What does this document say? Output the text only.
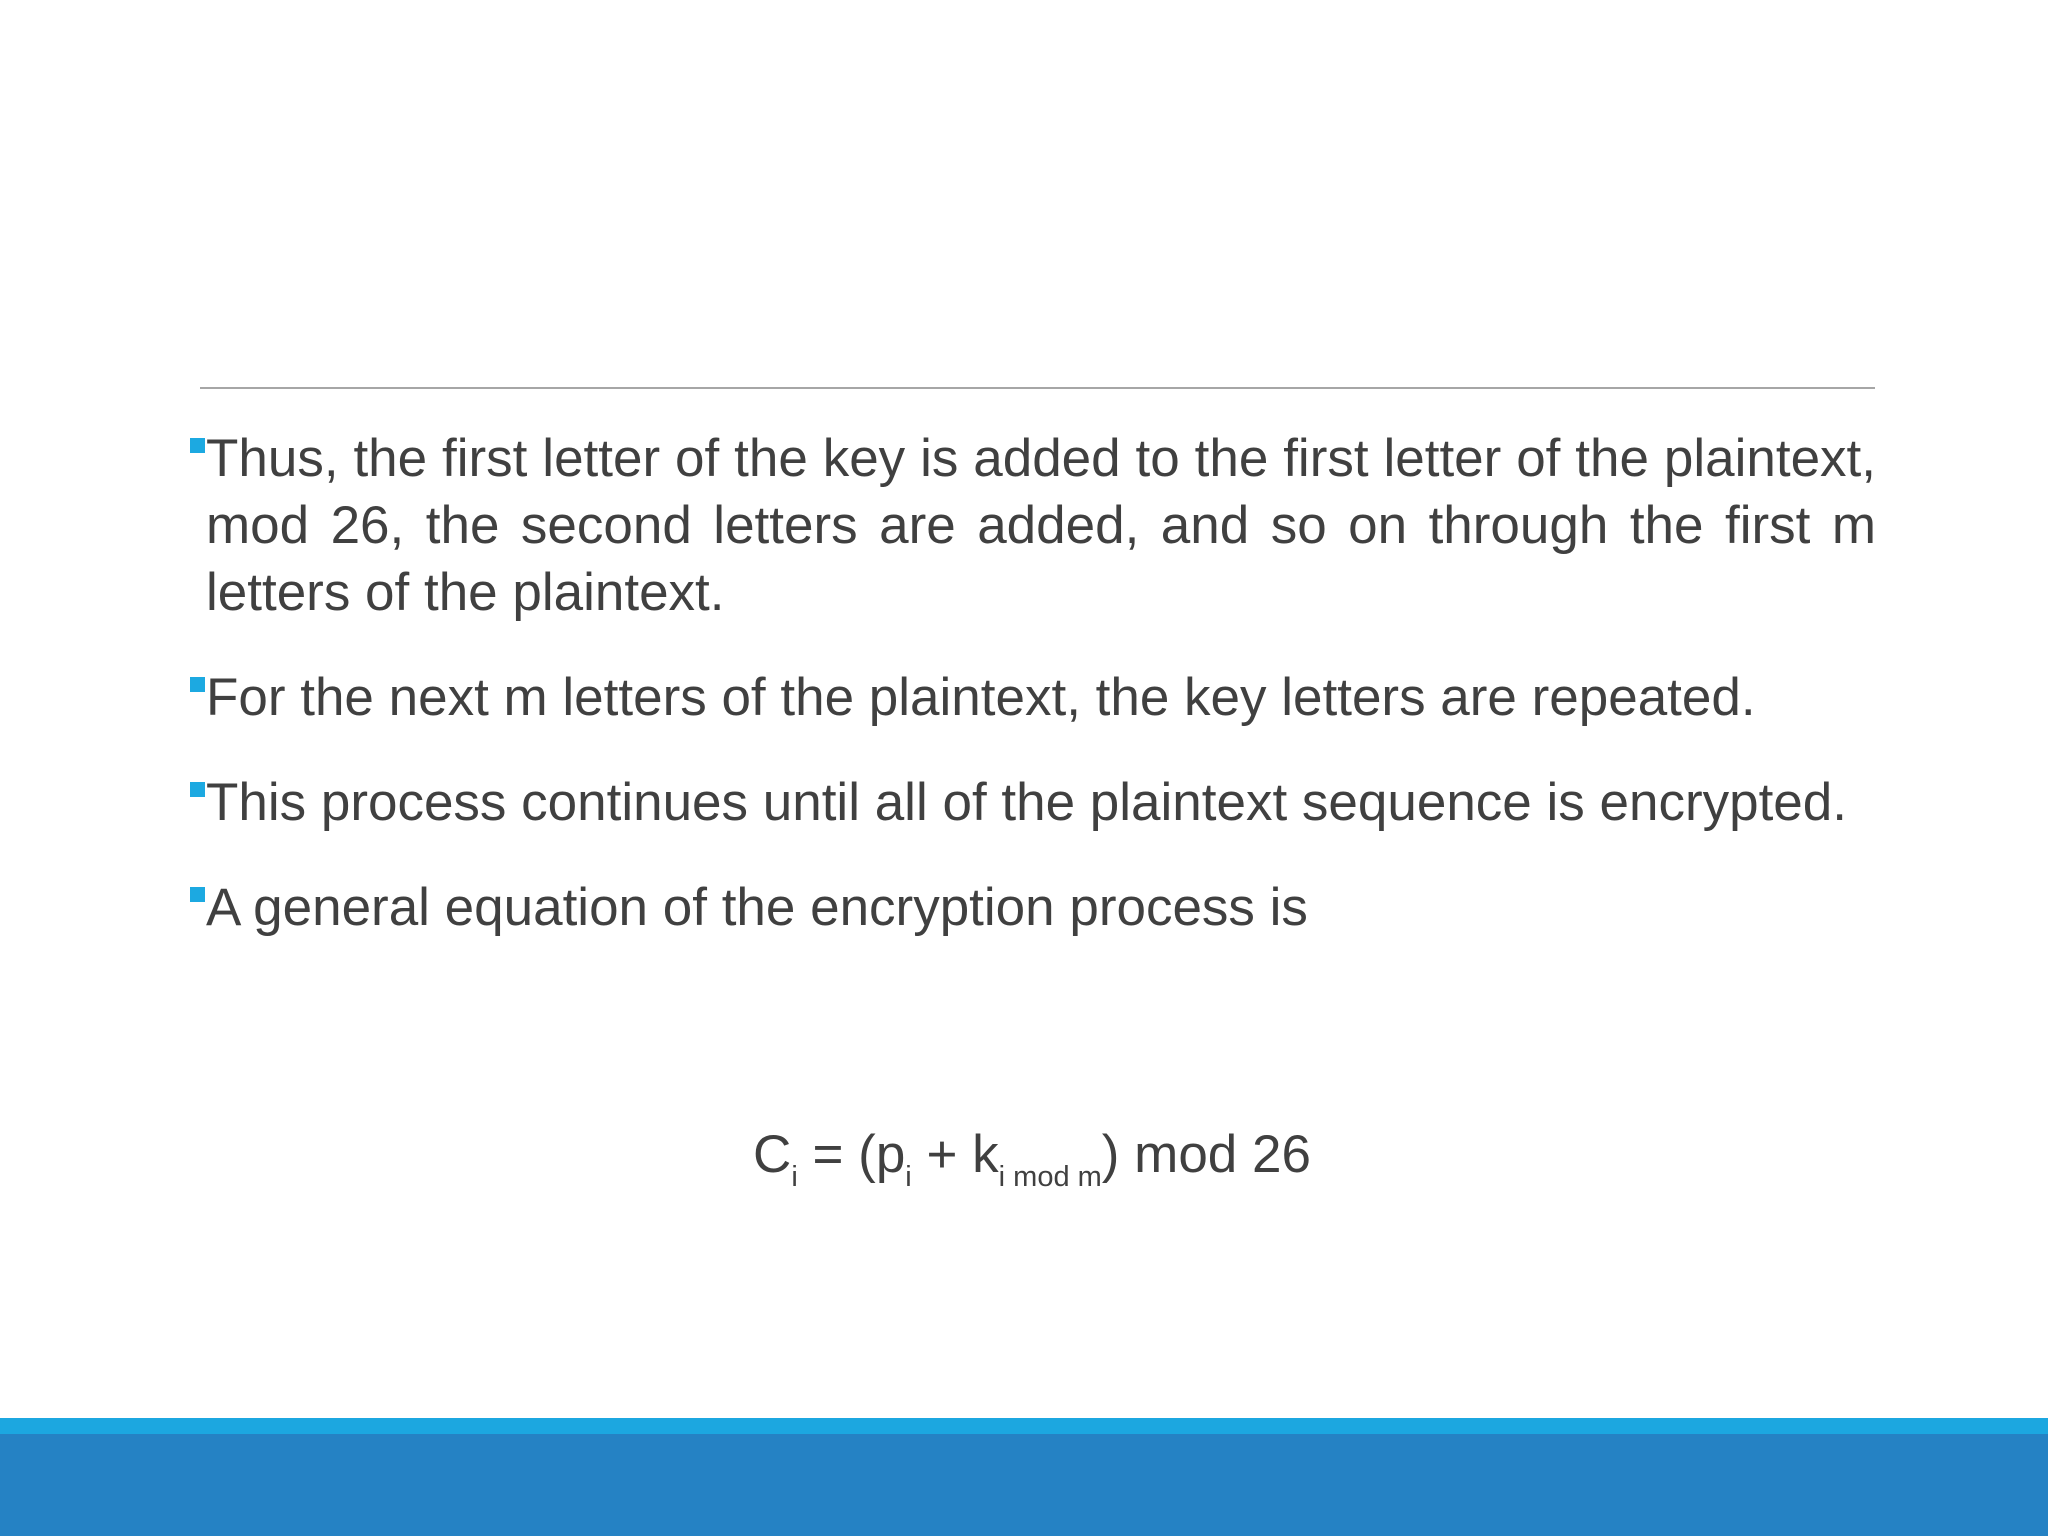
Thus, the first letter of the key is added to the first letter of the plaintext, mod 26, the second letters are added, and so on through the first m letters of the plaintext.
For the next m letters of the plaintext, the key letters are repeated.
This process continues until all of the plaintext sequence is encrypted.
A general equation of the encryption process is
$C_i = (p_i + k_{i mod m})$ mod 26
